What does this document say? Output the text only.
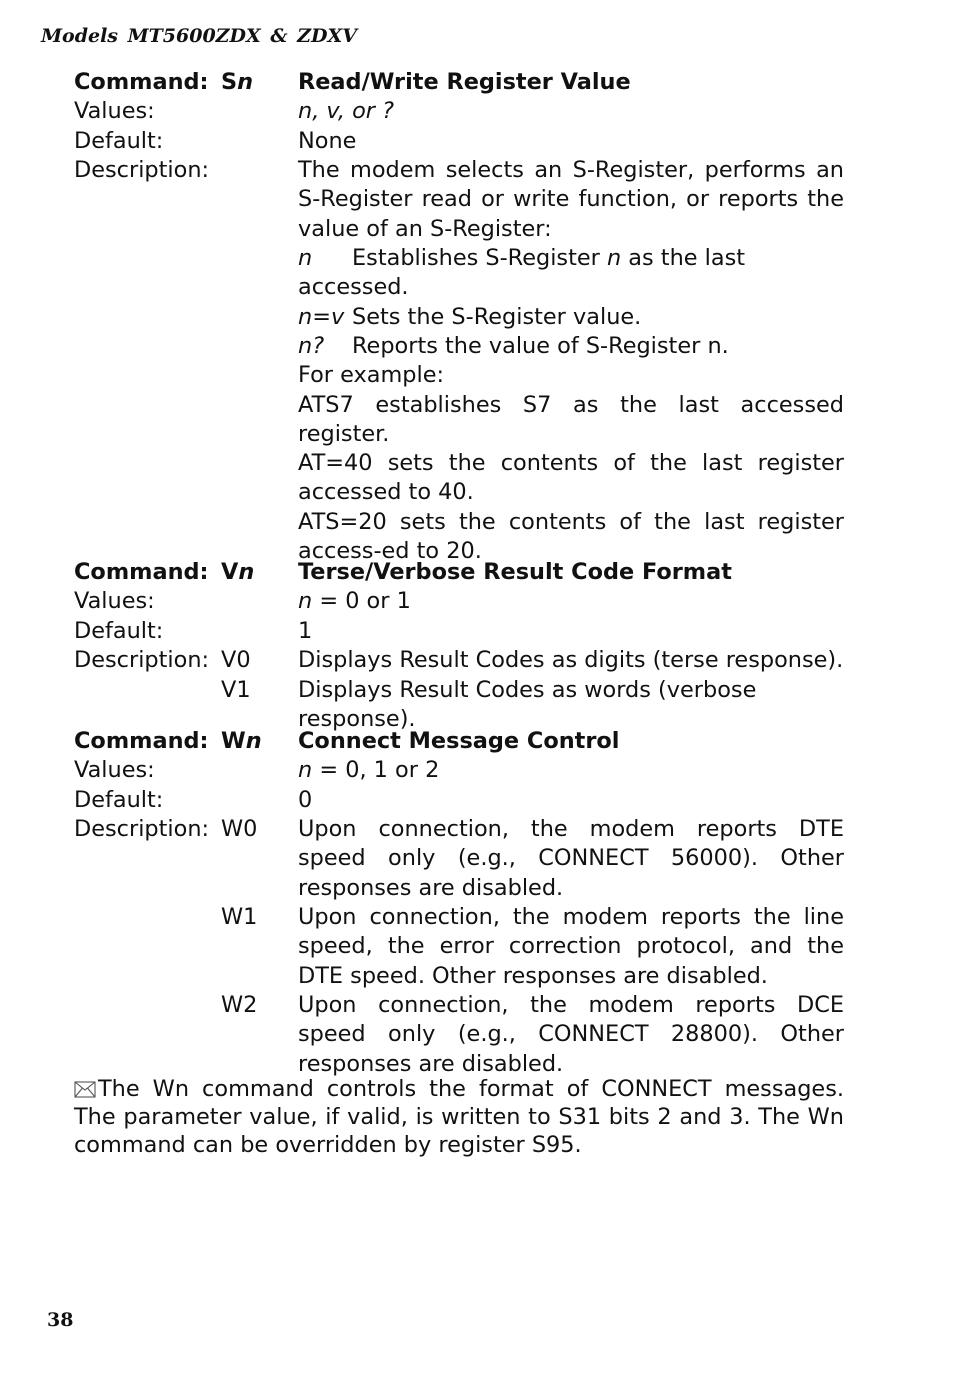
Models MT5600ZDX & ZDXV
Command: Sn	Read/Write Register Value
Values:	n, v, or ?
Default:	None
Description:	The modem selects an S-Register, performs an S-Register read or write function, or reports the value of an S-Register:
n	Establishes S-Register n as the last
accessed.
n=v Sets the S-Register value.
n?	Reports the value of S-Register n.
For example:
ATS7 establishes S7 as the last accessed register.
AT=40 sets the contents of the last register accessed to 40.
ATS=20 sets the contents of the last register access-ed to 20.
Command: Vn	Terse/Verbose Result Code Format
Values:	n = 0 or 1
Default:	1
Description: V0	Displays Result Codes as digits (terse response).
V1	Displays Result Codes as words (verbose response).
Command: Wn	Connect Message Control
Values:	n = 0, 1 or 2
Default:	0
Description: W0	Upon connection, the modem reports DTE speed only (e.g., CONNECT 56000). Other responses are disabled.
W1	Upon connection, the modem reports the line speed, the error correction protocol, and the DTE speed. Other responses are disabled.
W2	Upon connection, the modem reports DCE speed only (e.g., CONNECT 28800). Other responses are disabled.
The Wn command controls the format of CONNECT messages. The parameter value, if valid, is written to S31 bits 2 and 3. The Wn command can be overridden by register S95.
38
